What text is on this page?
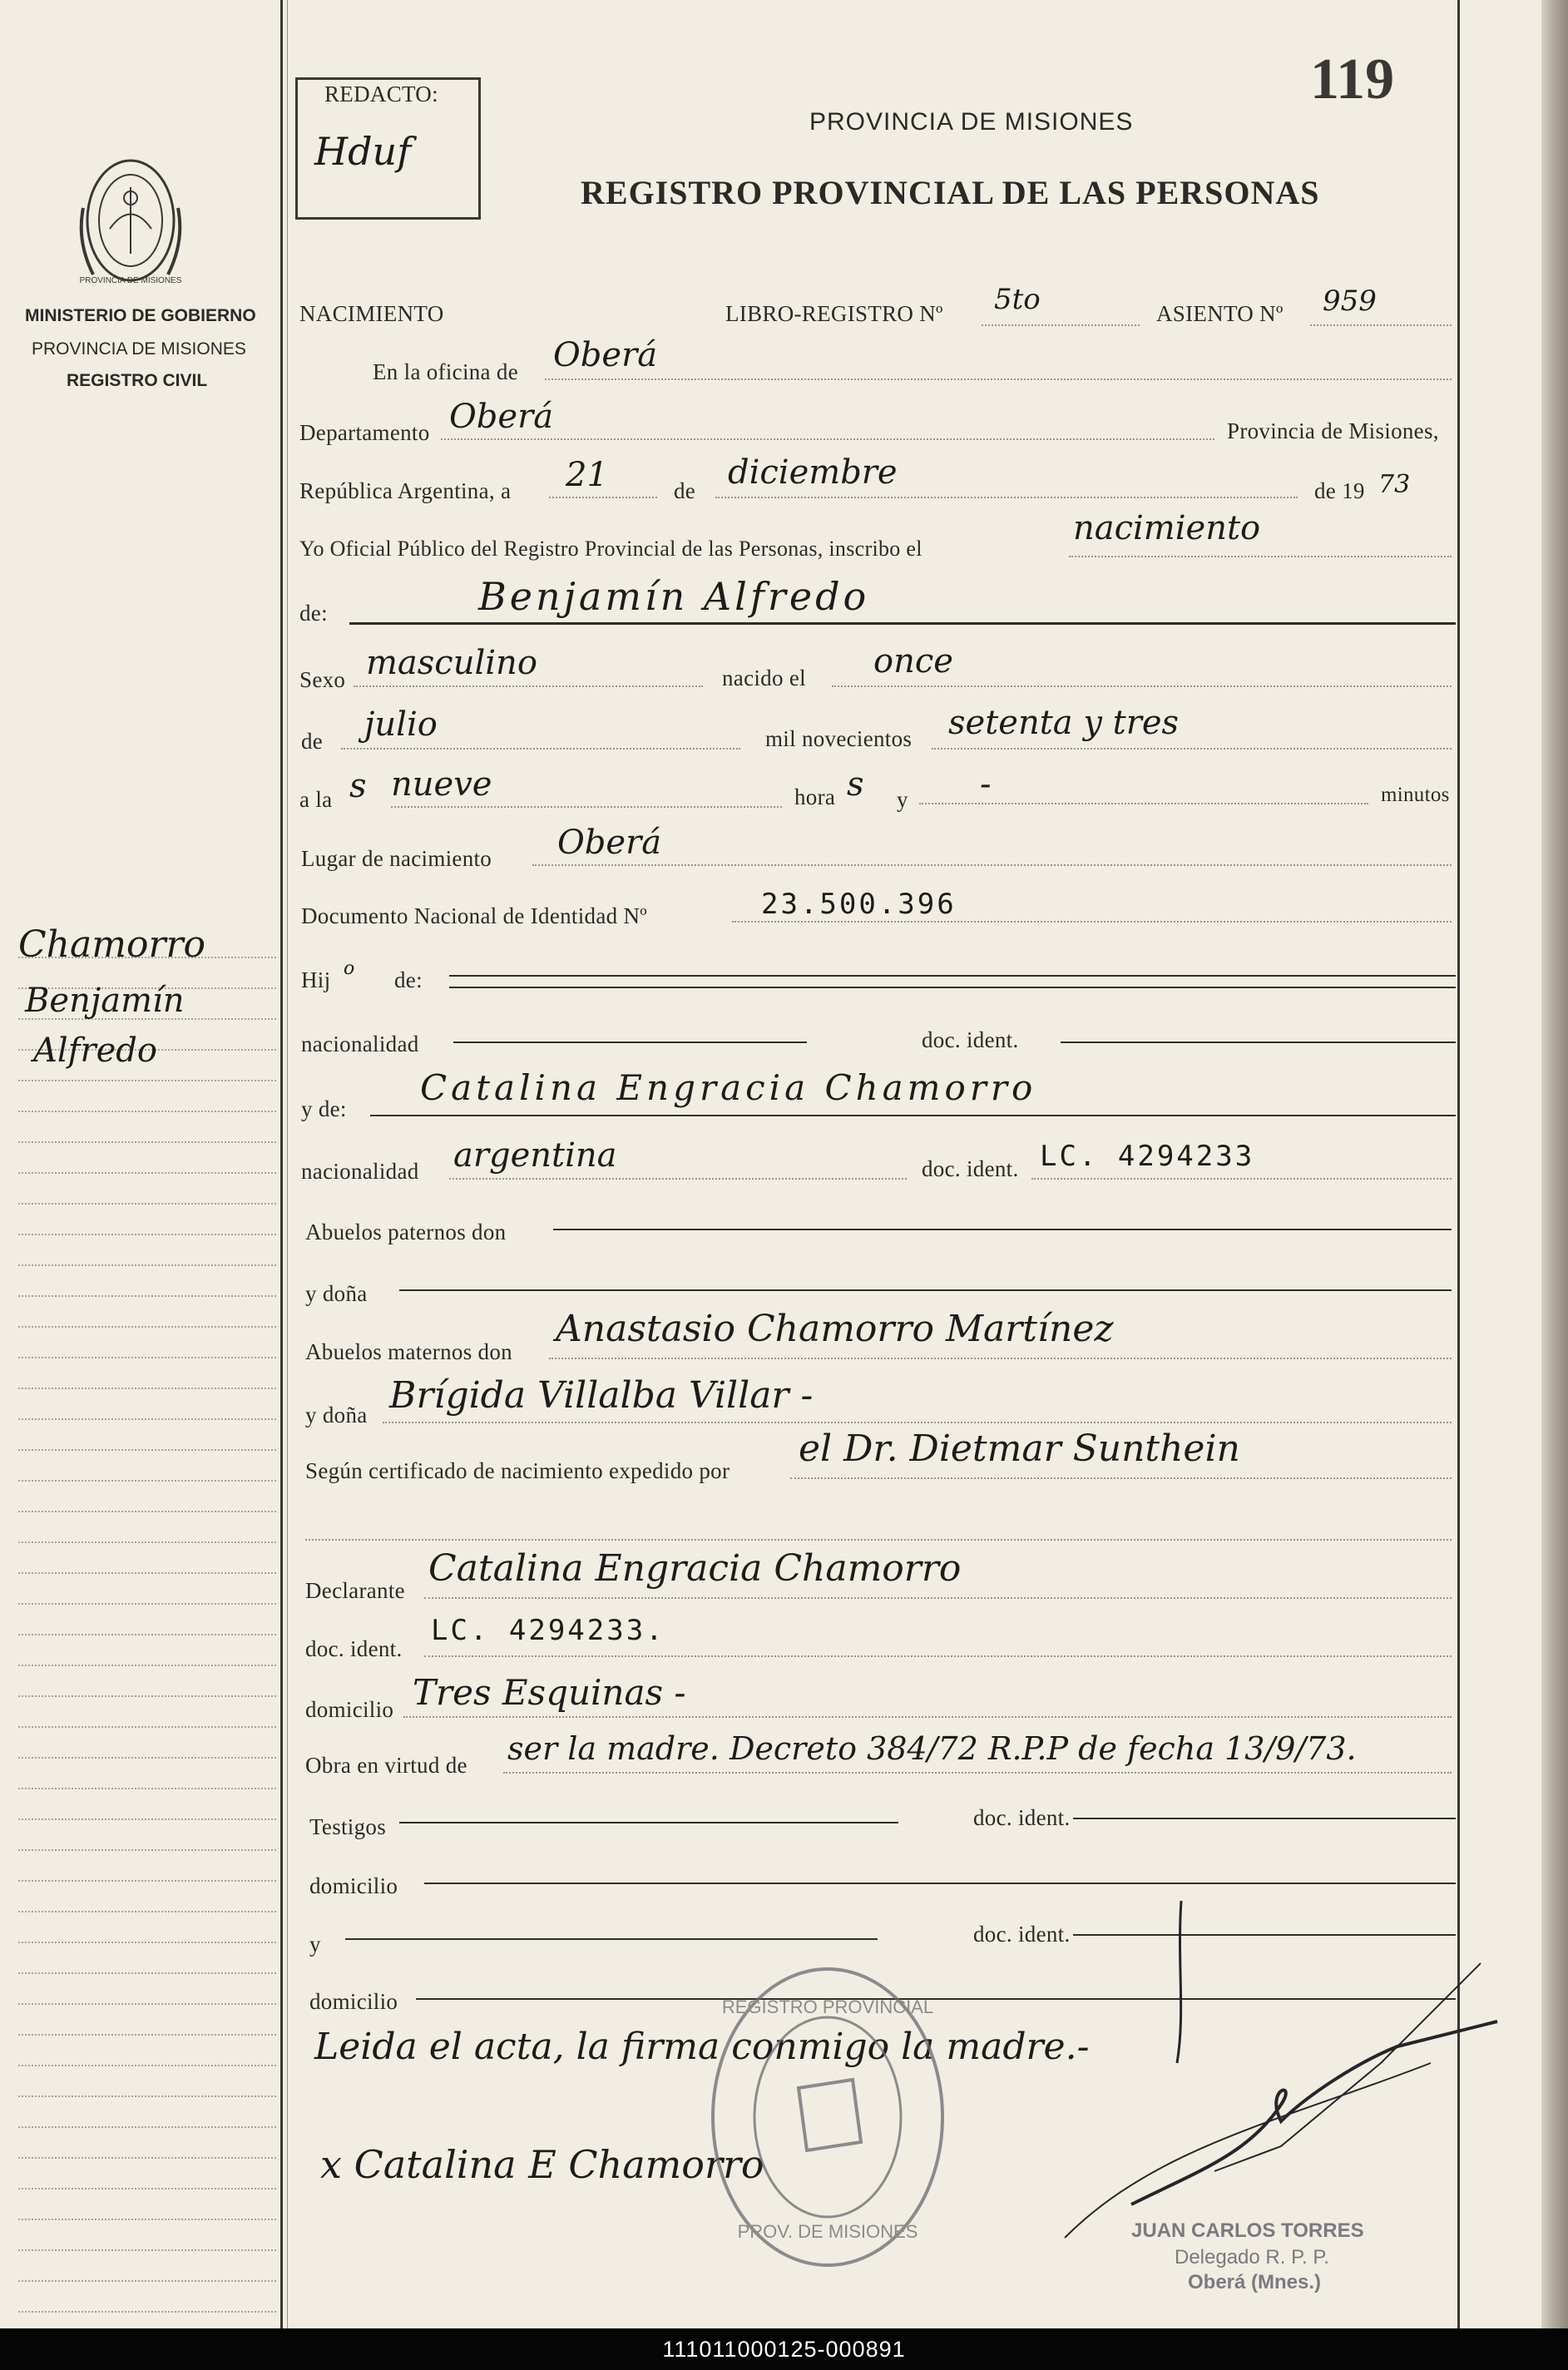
PROVINCIA DE MISIONES
MINISTERIO DE GOBIERNO
PROVINCIA DE MISIONES
REGISTRO CIVIL
Chamorro
Benjamín
Alfredo
REDACTO:
Hduf
119
PROVINCIA DE MISIONES
REGISTRO PROVINCIAL DE LAS PERSONAS
NACIMIENTO	LIBRO-REGISTRO Nº 5to	ASIENTO Nº 959
En la oficina de Oberá
Departamento Oberá	Provincia de Misiones,
República Argentina, a 21	de diciembre	de 19 73
Yo Oficial Público del Registro Provincial de las Personas, inscribo el
nacimiento
de:	Benjamín Alfredo
Sexo masculino	nacido el once
de julio	mil novecientos setenta y tres
a la s nueve	hora s y -	minutos
Lugar de nacimiento Oberá
Documento Nacional de Identidad Nº	23.500.396
Hij o de:
nacionalidad	doc. ident.
y de:
Catalina Engracia Chamorro
nacionalidad argentina	doc. ident. LC. 4294233
Abuelos paternos don
y doña
Abuelos maternos don
Anastasio Chamorro Martínez
y doña Brígida Villalba Villar -
Según certificado de nacimiento expedido por
el Dr. Dietmar Sunthein
Declarante
Catalina Engracia Chamorro
doc. ident.
LC. 4294233.
domicilio Tres Esquinas -
Obra en virtud de ser la madre. Decreto 384/72 R.P.P de fecha 13/9/73.
Testigos	doc. ident.
domicilio
y	doc. ident.
domicilio
Leida el acta, la firma conmigo la madre.-
x Catalina E Chamorro
REGISTRO PROVINCIAL
PROV. DE MISIONES	JUAN CARLOS TORRES
Delegado R. P. P.
Oberá (Mnes.)
111011000125-000891
